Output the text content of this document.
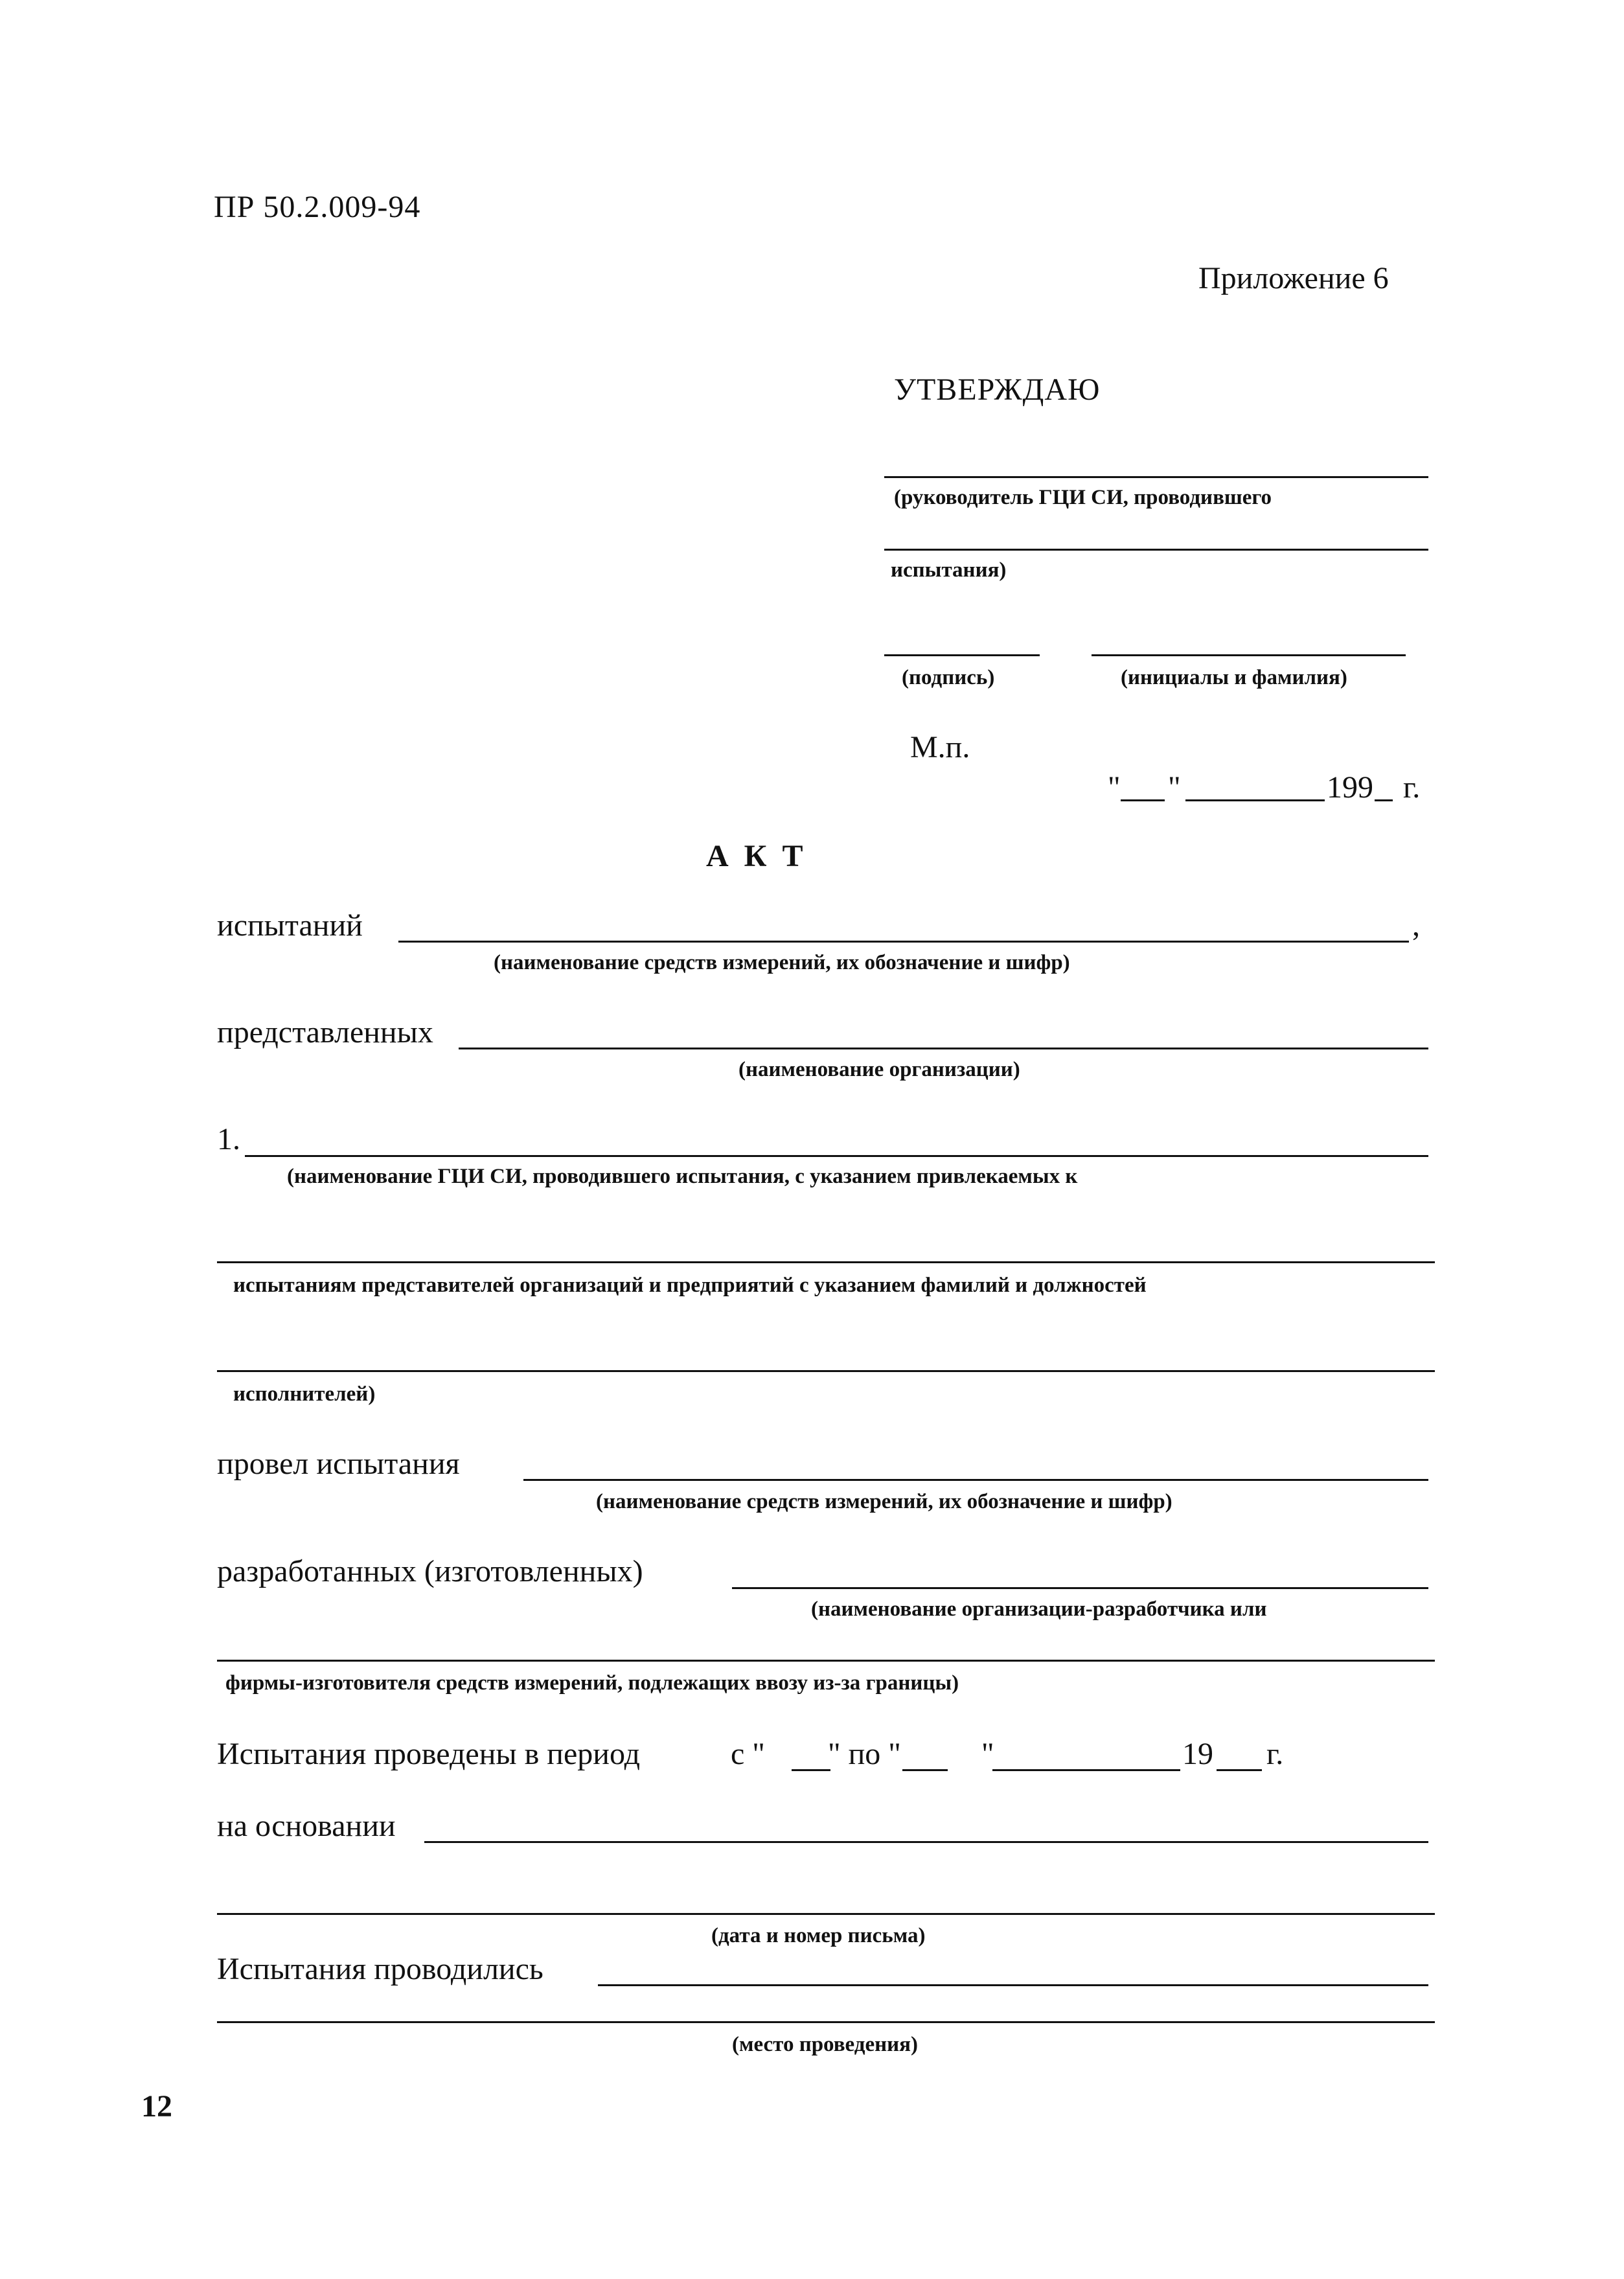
ПР 50.2.009-94
Приложение 6
УТВЕРЖДАЮ
(руководитель ГЦИ СИ, проводившего
испытания)
(подпись)	(инициалы и фамилия)
М.п.
" "	199 г.
А К Т
испытаний	,
(наименование средств измерений, их обозначение и шифр)
представленных
(наименование организации)
1.
(наименование ГЦИ СИ, проводившего испытания, с указанием привлекаемых к
испытаниям представителей организаций и предприятий с указанием фамилий и должностей
исполнителей)
провел испытания
(наименование средств измерений, их обозначение и шифр)
разработанных (изготовленных)
(наименование организации-разработчика или
фирмы-изготовителя средств измерений, подлежащих ввозу из-за границы)
Испытания проведены в период	с " " по "	"	19 г.
на основании
(дата и номер письма)
Испытания проводились
(место проведения)
12
